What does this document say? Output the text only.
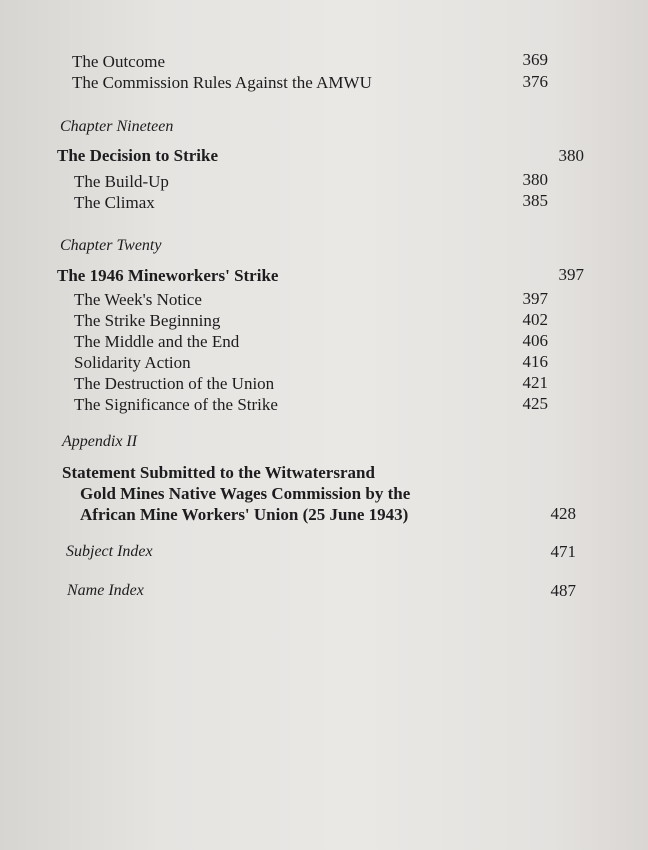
The Outcome	369
The Commission Rules Against the AMWU	376
Chapter Nineteen
The Decision to Strike	380
The Build-Up	380
The Climax	385
Chapter Twenty
The 1946 Mineworkers' Strike	397
The Week's Notice	397
The Strike Beginning	402
The Middle and the End	406
Solidarity Action	416
The Destruction of the Union	421
The Significance of the Strike	425
Appendix II
Statement Submitted to the Witwatersrand
Gold Mines Native Wages Commission by the
African Mine Workers' Union (25 June 1943)	428
Subject Index	471
Name Index	487
